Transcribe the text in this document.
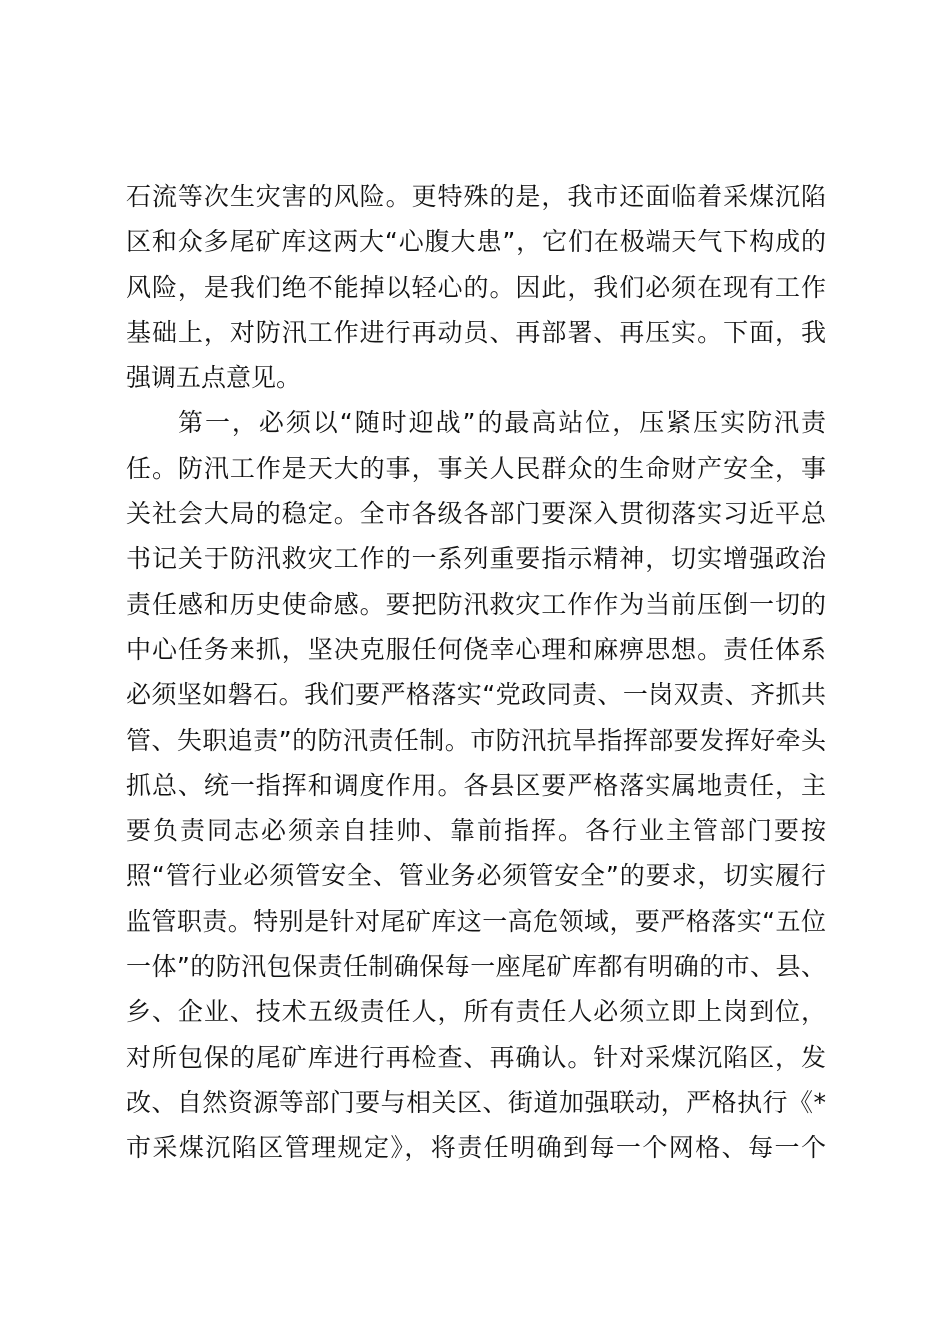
石流等次生灾害的风险。更特殊的是，我市还面临着采煤沉陷
区和众多尾矿库这两大“心腹大患”，它们在极端天气下构成的
风险，是我们绝不能掉以轻心的。因此，我们必须在现有工作
基础上，对防汛工作进行再动员、再部署、再压实。下面，我
强调五点意见。
第一，必须以“随时迎战”的最高站位，压紧压实防汛责
任。防汛工作是天大的事，事关人民群众的生命财产安全，事
关社会大局的稳定。全市各级各部门要深入贯彻落实习近平总
书记关于防汛救灾工作的一系列重要指示精神，切实增强政治
责任感和历史使命感。要把防汛救灾工作作为当前压倒一切的
中心任务来抓，坚决克服任何侥幸心理和麻痹思想。责任体系
必须坚如磐石。我们要严格落实“党政同责、一岗双责、齐抓共
管、失职追责”的防汛责任制。市防汛抗旱指挥部要发挥好牵头
抓总、统一指挥和调度作用。各县区要严格落实属地责任，主
要负责同志必须亲自挂帅、靠前指挥。各行业主管部门要按
照“管行业必须管安全、管业务必须管安全”的要求，切实履行
监管职责。特别是针对尾矿库这一高危领域，要严格落实“五位
一体”的防汛包保责任制确保每一座尾矿库都有明确的市、县、
乡、企业、技术五级责任人，所有责任人必须立即上岗到位，
对所包保的尾矿库进行再检查、再确认。针对采煤沉陷区，发
改、自然资源等部门要与相关区、街道加强联动，严格执行《*
市采煤沉陷区管理规定》，将责任明确到每一个网格、每一个
